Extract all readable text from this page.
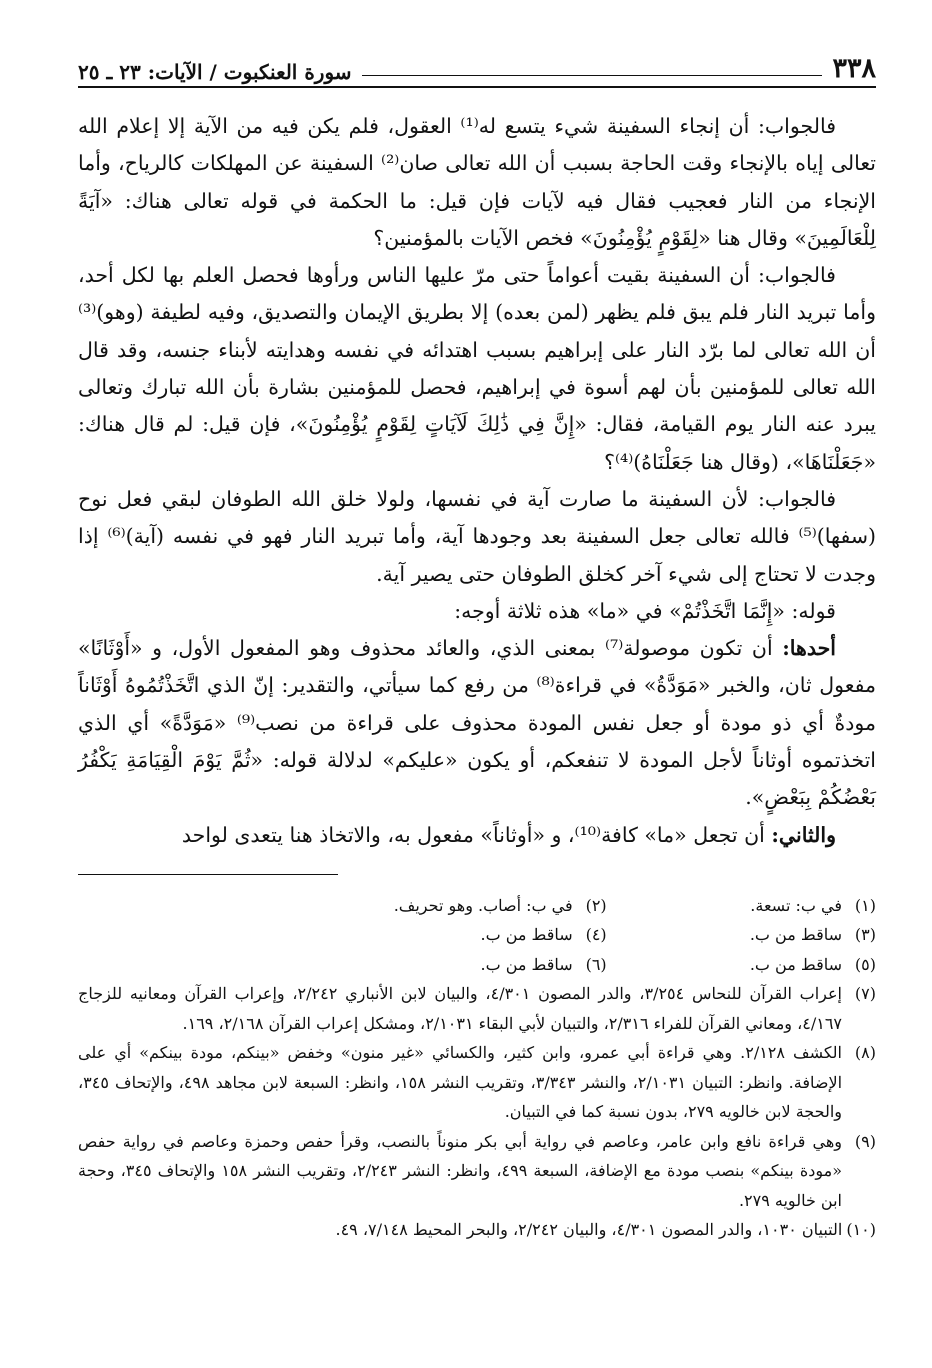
٣٣٨
سورة العنكبوت / الآيات: ٢٣ ـ ٢٥

فالجواب: أن إنجاء السفينة شيء يتسع له⁽¹⁾ العقول، فلم يكن فيه من الآية إلا إعلام الله تعالى إياه بالإنجاء وقت الحاجة بسبب أن الله تعالى صان⁽²⁾ السفينة عن المهلكات كالرياح، وأما الإنجاء من النار فعجيب فقال فيه لآيات فإن قيل: ما الحكمة في قوله تعالى هناك: «آيَةً لِلْعَالَمِينَ» وقال هنا «لِقَوْمٍ يُؤْمِنُونَ» فخص الآيات بالمؤمنين؟

فالجواب: أن السفينة بقيت أعواماً حتى مرّ عليها الناس ورأوها فحصل العلم بها لكل أحد، وأما تبريد النار فلم يبق فلم يظهر (لمن بعده) إلا بطريق الإيمان والتصديق، وفيه لطيفة (وهو)⁽³⁾ أن الله تعالى لما برّد النار على إبراهيم بسبب اهتدائه في نفسه وهدايته لأبناء جنسه، وقد قال الله تعالى للمؤمنين بأن لهم أسوة في إبراهيم، فحصل للمؤمنين بشارة بأن الله تبارك وتعالى يبرد عنه النار يوم القيامة، فقال: «إِنَّ فِي ذَٰلِكَ لَآيَاتٍ لِقَوْمٍ يُؤْمِنُونَ»، فإن قيل: لم قال هناك: «جَعَلْنَاهَا»، (وقال هنا جَعَلْنَاهُ)⁽⁴⁾؟

فالجواب: لأن السفينة ما صارت آية في نفسها، ولولا خلق الله الطوفان لبقي فعل نوح (سفها)⁽⁵⁾ فالله تعالى جعل السفينة بعد وجودها آية، وأما تبريد النار فهو في نفسه (آية)⁽⁶⁾ إذا وجدت لا تحتاج إلى شيء آخر كخلق الطوفان حتى يصير آية.

قوله: «إِنَّمَا اتَّخَذْتُمْ» في «ما» هذه ثلاثة أوجه:

أحدها: أن تكون موصولة⁽⁷⁾ بمعنى الذي، والعائد محذوف وهو المفعول الأول، و «أَوْثَانًا» مفعول ثان، والخبر «مَوَدَّةُ» في قراءة⁽⁸⁾ من رفع كما سيأتي، والتقدير: إنّ الذي اتَّخَذْتُمُوهُ أَوْثَاناً مودةٌ أي ذو مودة أو جعل نفس المودة محذوف على قراءة من نصب⁽⁹⁾ «مَوَدَّةً» أي الذي اتخذتموه أوثاناً لأجل المودة لا تنفعكم، أو يكون «عليكم» لدلالة قوله: «ثُمَّ يَوْمَ الْقِيَامَةِ يَكْفُرُ بَعْضُكُمْ بِبَعْضٍ».

والثاني: أن تجعل «ما» كافة⁽¹⁰⁾، و «أوثاناً» مفعول به، والاتخاذ هنا يتعدى لواحد

(١)
في ب: تسعة.
(٢)
في ب: أصاب. وهو تحريف.
(٣)
ساقط من ب.
(٤)
ساقط من ب.
(٥)
ساقط من ب.
(٦)
ساقط من ب.
(٧)
إعراب القرآن للنحاس ٣/٢٥٤، والدر المصون ٤/٣٠١، والبيان لابن الأنباري ٢/٢٤٢، وإعراب القرآن ومعانيه للزجاج ٤/١٦٧، ومعاني القرآن للفراء ٢/٣١٦، والتبيان لأبي البقاء ٢/١٠٣١، ومشكل إعراب القرآن ٢/١٦٨، ١٦٩.
(٨)
الكشف ٢/١٢٨. وهي قراءة أبي عمرو، وابن كثير، والكسائي «غير منون» وخفض «بينكم، مودة بينكم» أي على الإضافة. وانظر: التبيان ٢/١٠٣١، والنشر ٣/٣٤٣، وتقريب النشر ١٥٨، وانظر: السبعة لابن مجاهد ٤٩٨، والإتحاف ٣٤٥، والحجة لابن خالويه ٢٧٩، بدون نسبة كما في التبيان.
(٩)
وهي قراءة نافع وابن عامر، وعاصم في رواية أبي بكر منوناً بالنصب، وقرأ حفص وحمزة وعاصم في رواية حفص «مودة بينكم» بنصب مودة مع الإضافة، السبعة ٤٩٩، وانظر: النشر ٢/٢٤٣، وتقريب النشر ١٥٨ والإتحاف ٣٤٥، وحجة ابن خالويه ٢٧٩.
(١٠)
التبيان ١٠٣٠، والدر المصون ٤/٣٠١، والبيان ٢/٢٤٢، والبحر المحيط ٧/١٤٨، ٤٩.
